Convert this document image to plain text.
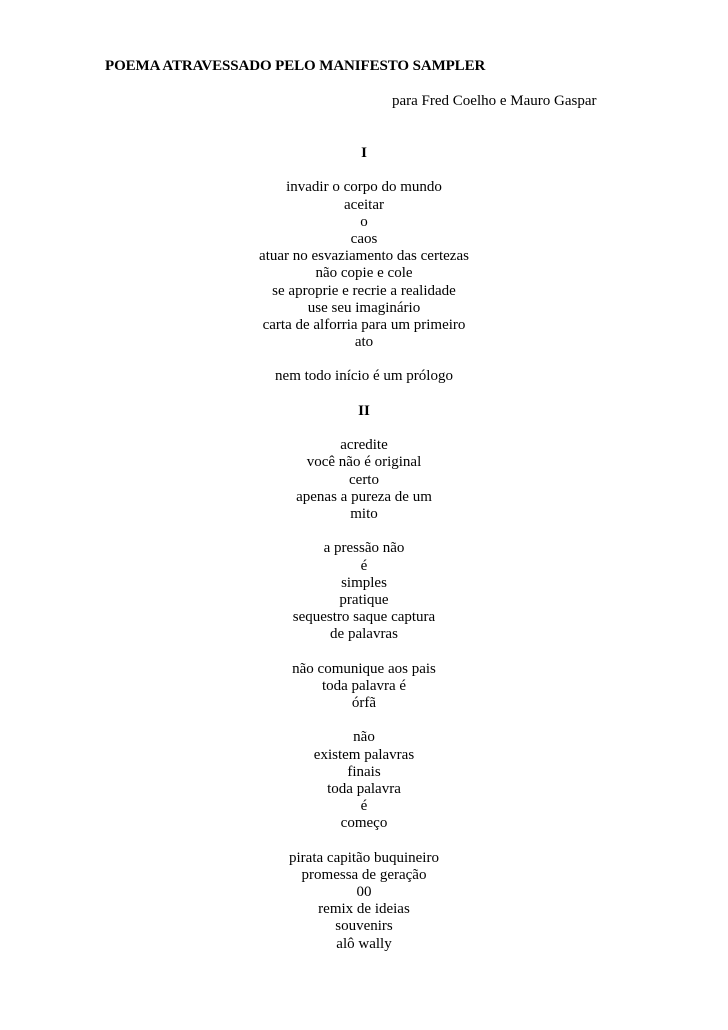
POEMA ATRAVESSADO PELO MANIFESTO SAMPLER

para Fred Coelho e Mauro Gaspar

I
invadir o corpo do mundo
aceitar
o
caos
atuar no esvaziamento das certezas
não copie e cole
se aproprie e recrie a realidade
use seu imaginário
carta de alforria para um primeiro
ato
nem todo início é um prólogo
II
acredite
você não é original
certo
apenas a pureza de um
mito
a pressão não
é
simples
pratique
sequestro saque captura
de palavras
não comunique aos pais
toda palavra é
órfã
não
existem palavras
finais
toda palavra
é
começo
pirata capitão buquineiro
promessa de geração
00
remix de ideias
souvenirs
alô wally
